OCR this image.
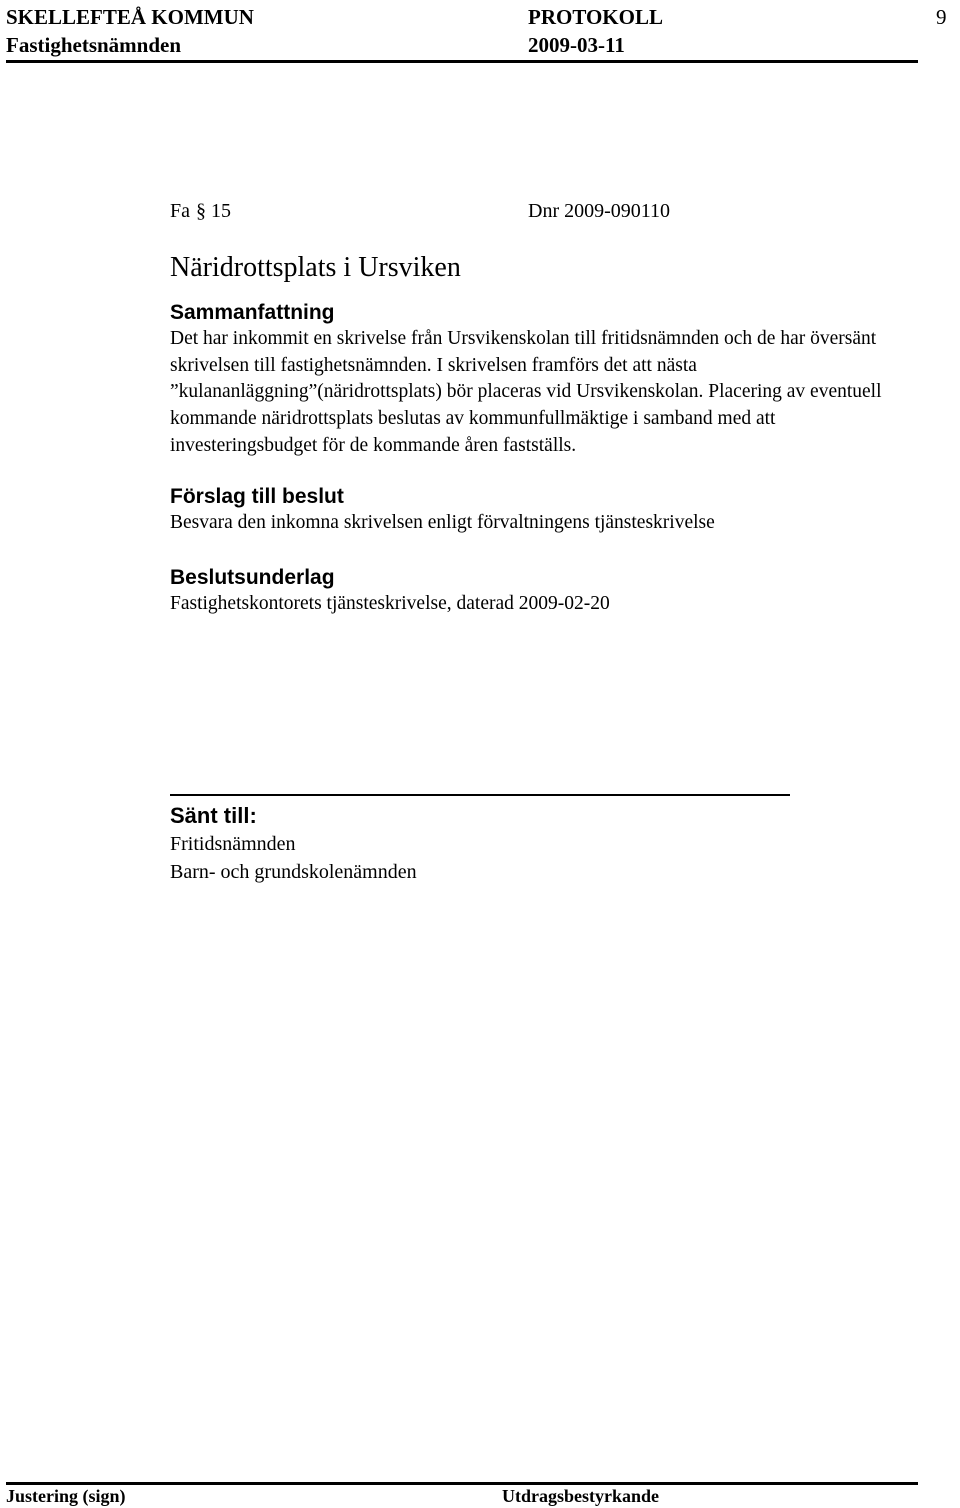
SKELLEFTEÅ KOMMUN
Fastighetsnämnden
PROTOKOLL
2009-03-11
9
Fa § 15	Dnr 2009-090110
Näridrottsplats i Ursviken
Sammanfattning

Det har inkommit en skrivelse från Ursvikenskolan till fritidsnämnden och de har översänt skrivelsen till fastighetsnämnden. I skrivelsen framförs det att nästa ”kulananläggning”(näridrottsplats) bör placeras vid Ursvikenskolan. Placering av eventuell kommande näridrottsplats beslutas av kommunfullmäktige i samband med att investeringsbudget för de kommande åren fastställs.

Förslag till beslut

Besvara den inkomna skrivelsen enligt förvaltningens tjänsteskrivelse

Beslutsunderlag

Fastighetskontorets tjänsteskrivelse, daterad 2009-02-20

Sänt till:
Fritidsnämnden
Barn- och grundskolenämnden
Justering (sign)	Utdragsbestyrkande
